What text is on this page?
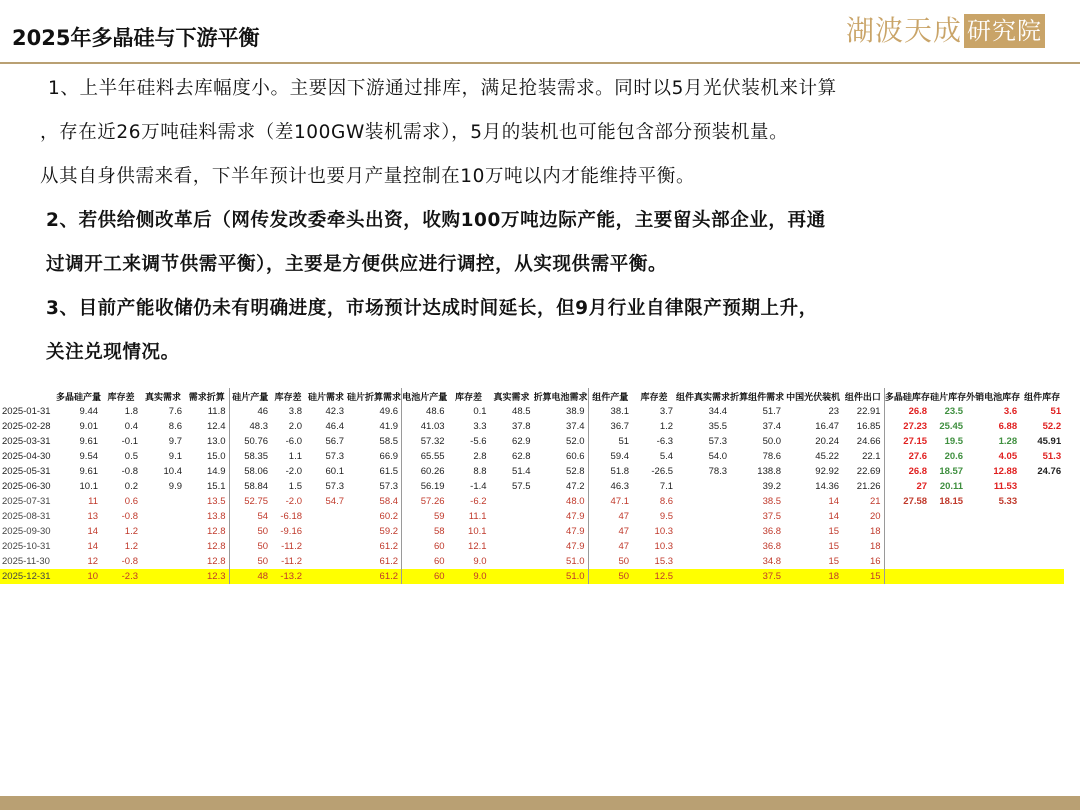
2025年多晶硅与下游平衡	湖波天成 研究院
1、上半年硅料去库幅度小。主要因下游通过排库，满足抢装需求。同时以5月光伏装机来计算
，存在近26万吨硅料需求（差100GW装机需求），5月的装机也可能包含部分预装机量。
从其自身供需来看，下半年预计也要月产量控制在10万吨以内才能维持平衡。
2、若供给侧改革后（网传发改委牵头出资，收购100万吨边际产能，主要留头部企业，再通
过调开工来调节供需平衡），主要是方便供应进行调控，从实现供需平衡。
3、目前产能收储仍未有明确进度，市场预计达成时间延长，但9月行业自律限产预期上升，
关注兑现情况。
	多晶硅产量	库存差	真实需求	需求折算	硅片产量	库存差	硅片需求	硅片折算需求	电池片产量	库存差	真实需求	折算电池需求	组件产量	库存差	组件真实需求	折算组件需求	中国光伏装机	组件出口	多晶硅库存	硅片库存	外销电池库存	组件库存
2025-01-31	9.44	1.8	7.6	11.8	46	3.8	42.3	49.6	48.6	0.1	48.5	38.9	38.1	3.7	34.4	51.7	23	22.91	26.8	23.5	3.6	51
2025-02-28	9.01	0.4	8.6	12.4	48.3	2.0	46.4	41.9	41.03	3.3	37.8	37.4	36.7	1.2	35.5	37.4	16.47	16.85	27.23	25.45	6.88	52.2
2025-03-31	9.61	-0.1	9.7	13.0	50.76	-6.0	56.7	58.5	57.32	-5.6	62.9	52.0	51	-6.3	57.3	50.0	20.24	24.66	27.15	19.5	1.28	45.91
2025-04-30	9.54	0.5	9.1	15.0	58.35	1.1	57.3	66.9	65.55	2.8	62.8	60.6	59.4	5.4	54.0	78.6	45.22	22.1	27.6	20.6	4.05	51.3
2025-05-31	9.61	-0.8	10.4	14.9	58.06	-2.0	60.1	61.5	60.26	8.8	51.4	52.8	51.8	-26.5	78.3	138.8	92.92	22.69	26.8	18.57	12.88	24.76
2025-06-30	10.1	0.2	9.9	15.1	58.84	1.5	57.3	57.3	56.19	-1.4	57.5	47.2	46.3	7.1		39.2	14.36	21.26	27	20.11	11.53	
2025-07-31	11	0.6		13.5	52.75	-2.0	54.7	58.4	57.26	-6.2		48.0	47.1	8.6		38.5	14	21	27.58	18.15	5.33	
2025-08-31	13	-0.8		13.8	54	-6.18		60.2	59	11.1		47.9	47	9.5		37.5	14	20				
2025-09-30	14	1.2		12.8	50	-9.16		59.2	58	10.1		47.9	47	10.3		36.8	15	18				
2025-10-31	14	1.2		12.8	50	-11.2		61.2	60	12.1		47.9	47	10.3		36.8	15	18				
2025-11-30	12	-0.8		12.8	50	-11.2		61.2	60	9.0		51.0	50	15.3		34.8	15	16				
2025-12-31	10	-2.3		12.3	48	-13.2		61.2	60	9.0		51.0	50	12.5		37.5	18	15				
